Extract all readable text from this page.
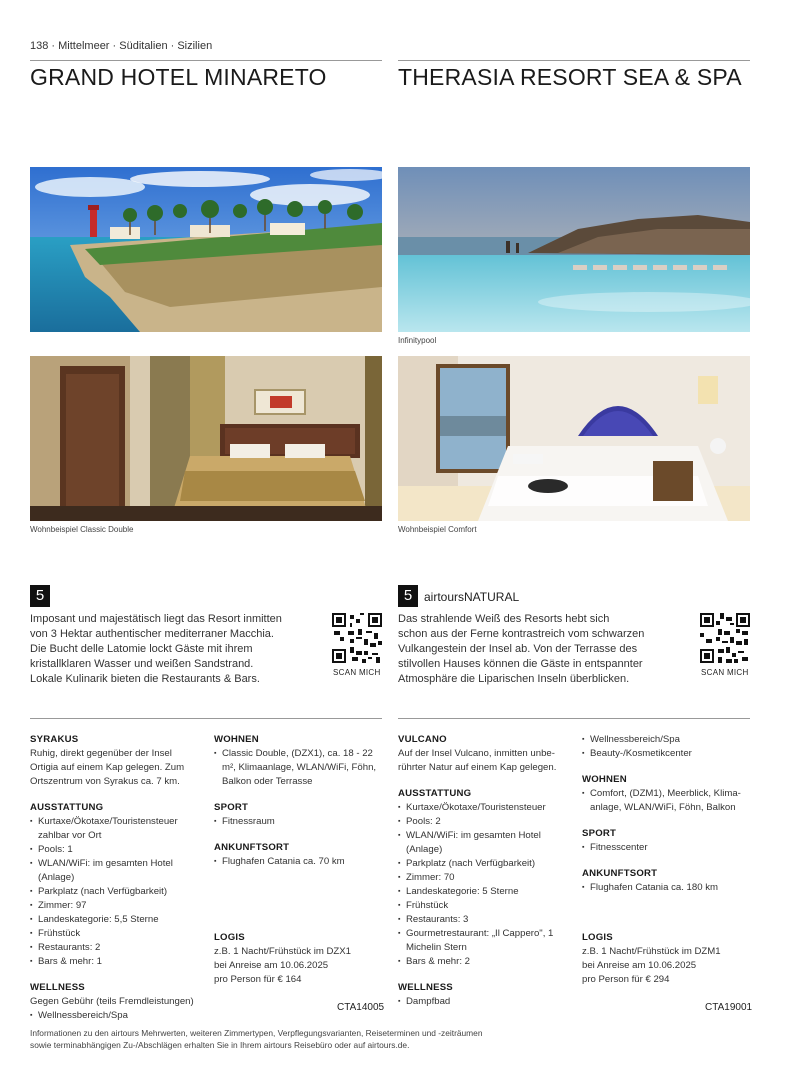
138 · Mittelmeer · Süditalien · Sizilien
GRAND HOTEL MINARETO	THERASIA RESORT SEA & SPA
Infinitypool
Wohnbeispiel Classic Double	Wohnbeispiel Comfort
5
Imposant und majestätisch liegt das Resort inmitten
von 3 Hektar authentischer mediterraner Macchia.
Die Bucht delle Latomie lockt Gäste mit ihrem
kristallklaren Wasser und weißen Sandstrand.
Lokale Kulinarik bieten die Restaurants & Bars.
SCAN MICH
5 airtoursNATURAL
Das strahlende Weiß des Resorts hebt sich
schon aus der Ferne kontrastreich vom schwarzen
Vulkangestein der Insel ab. Von der Terrasse des
stilvollen Hauses können die Gäste in entspannter
Atmosphäre die Liparischen Inseln überblicken.
SCAN MICH
SYRAKUS

Ruhig, direkt gegenüber der Insel

Ortigia auf einem Kap gelegen. Zum

Ortszentrum von Syrakus ca. 7 km.

AUSSTATTUNG
▪ Kurtaxe/Ökotaxe/Touristensteuer zahlbar vor Ort
▪ Pools: 1
▪ WLAN/WiFi: im gesamten Hotel (Anlage)
▪ Parkplatz (nach Verfügbarkeit)
▪ Zimmer: 97
▪ Landeskategorie: 5,5 Sterne
▪ Frühstück
▪ Restaurants: 2
▪ Bars & mehr: 1
WELLNESS

Gegen Gebühr (teils Fremdleistungen)

▪ Wellnessbereich/Spa
WOHNEN
▪ Classic Double, (DZX1), ca. 18 - 22 m², Klimaanlage, WLAN/WiFi, Föhn, Balkon oder Terrasse
SPORT
▪ Fitnessraum
ANKUNFTSORT
▪ Flughafen Catania ca. 70 km
LOGIS

z.B. 1 Nacht/Frühstück im DZX1

bei Anreise am 10.06.2025

pro Person für € 164

CTA14005
VULCANO

Auf der Insel Vulcano, inmitten unbe-

rührter Natur auf einem Kap gelegen.

AUSSTATTUNG
▪ Kurtaxe/Ökotaxe/Touristensteuer
▪ Pools: 2
▪ WLAN/WiFi: im gesamten Hotel (Anlage)
▪ Parkplatz (nach Verfügbarkeit)
▪ Zimmer: 70
▪ Landeskategorie: 5 Sterne
▪ Frühstück
▪ Restaurants: 3
▪ Gourmetrestaurant: „Il Cappero", 1 Michelin Stern
▪ Bars & mehr: 2
WELLNESS
▪ Dampfbad
▪ Wellnessbereich/Spa
▪ Beauty-/Kosmetikcenter
WOHNEN
▪ Comfort, (DZM1), Meerblick, Klima-anlage, WLAN/WiFi, Föhn, Balkon
SPORT
▪ Fitnesscenter
ANKUNFTSORT
▪ Flughafen Catania ca. 180 km
LOGIS

z.B. 1 Nacht/Frühstück im DZM1

bei Anreise am 10.06.2025

pro Person für € 294

CTA19001
Informationen zu den airtours Mehrwerten, weiteren Zimmertypen, Verpflegungsvarianten, Reiseterminen und -zeiträumen
sowie terminabhängigen Zu-/Abschlägen erhalten Sie in Ihrem airtours Reisebüro oder auf airtours.de.
